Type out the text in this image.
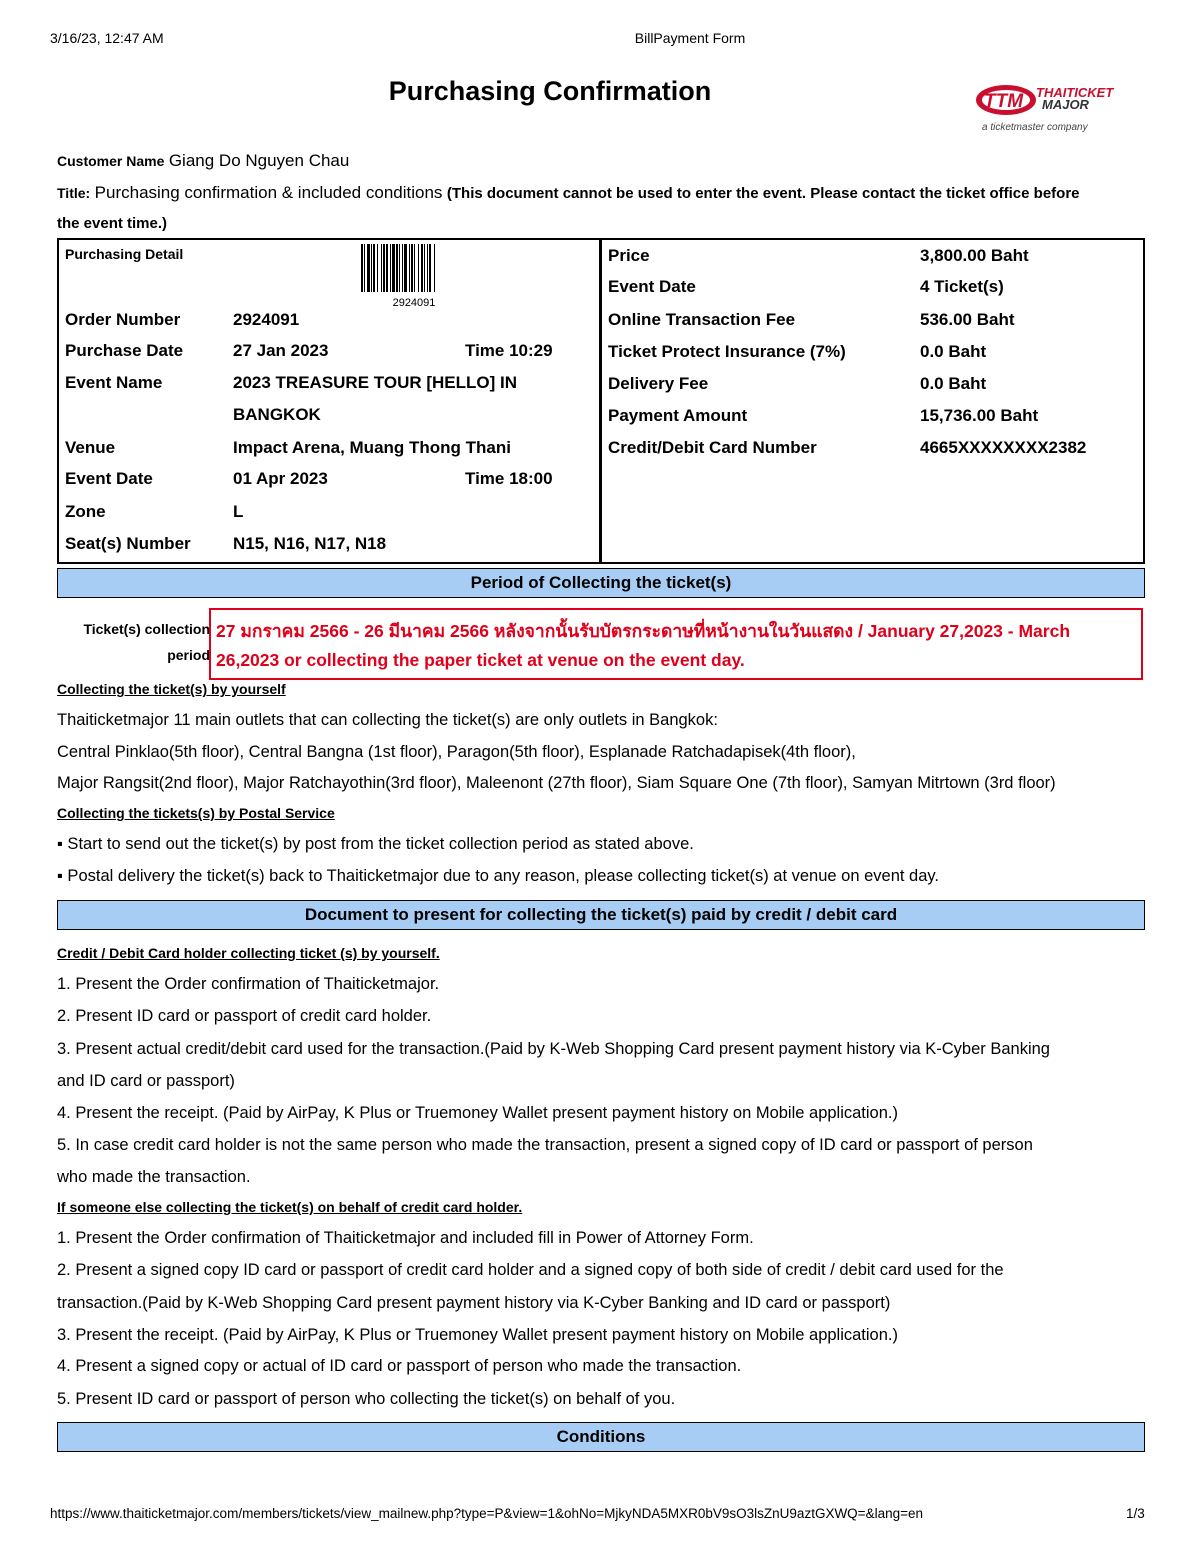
3/16/23, 12:47 AM	BillPayment Form
Purchasing Confirmation	TTM THAITICKET
MAJOR
a ticketmaster company
Customer Name Giang Do Nguyen Chau
Title: Purchasing confirmation & included conditions (This document cannot be used to enter the event. Please contact the ticket office before
the event time.)
Purchasing Detail
2924091
Order Number	2924091
Purchase Date	27 Jan 2023	Time 10:29
Event Name	2023 TREASURE TOUR [HELLO] IN
BANGKOK
Venue	Impact Arena, Muang Thong Thani
Event Date	01 Apr 2023	Time 18:00
Zone	L
Seat(s) Number N15, N16, N17, N18
Price	3,800.00 Baht
Event Date	4 Ticket(s)
Online Transaction Fee	536.00 Baht
Ticket Protect Insurance (7%)	0.0 Baht
Delivery Fee	0.0 Baht
Payment Amount	15,736.00 Baht
Credit/Debit Card Number	4665XXXXXXXX2382
Period of Collecting the ticket(s)
Ticket(s) collection
period
27 มกราคม 2566 - 26 มีนาคม 2566 หลังจากนั้นรับบัตรกระดาษที่หน้างานในวันแสดง / January 27,2023 - March
26,2023 or collecting the paper ticket at venue on the event day.
Collecting the ticket(s) by yourself
Thaiticketmajor 11 main outlets that can collecting the ticket(s) are only outlets in Bangkok:
Central Pinklao(5th floor), Central Bangna (1st floor), Paragon(5th floor), Esplanade Ratchadapisek(4th floor),
Major Rangsit(2nd floor), Major Ratchayothin(3rd floor), Maleenont (27th floor), Siam Square One (7th floor), Samyan Mitrtown (3rd floor)
Collecting the tickets(s) by Postal Service
▪ Start to send out the ticket(s) by post from the ticket collection period as stated above.
▪ Postal delivery the ticket(s) back to Thaiticketmajor due to any reason, please collecting ticket(s) at venue on event day.
Document to present for collecting the ticket(s) paid by credit / debit card
Credit / Debit Card holder collecting ticket (s) by yourself.
1. Present the Order confirmation of Thaiticketmajor.
2. Present ID card or passport of credit card holder.
3. Present actual credit/debit card used for the transaction.(Paid by K-Web Shopping Card present payment history via K-Cyber Banking
and ID card or passport)
4. Present the receipt. (Paid by AirPay, K Plus or Truemoney Wallet present payment history on Mobile application.)
5. In case credit card holder is not the same person who made the transaction, present a signed copy of ID card or passport of person
who made the transaction.
If someone else collecting the ticket(s) on behalf of credit card holder.
1. Present the Order confirmation of Thaiticketmajor and included fill in Power of Attorney Form.
2. Present a signed copy ID card or passport of credit card holder and a signed copy of both side of credit / debit card used for the
transaction.(Paid by K-Web Shopping Card present payment history via K-Cyber Banking and ID card or passport)
3. Present the receipt. (Paid by AirPay, K Plus or Truemoney Wallet present payment history on Mobile application.)
4. Present a signed copy or actual of ID card or passport of person who made the transaction.
5. Present ID card or passport of person who collecting the ticket(s) on behalf of you.
Conditions
https://www.thaiticketmajor.com/members/tickets/view_mailnew.php?type=P&view=1&ohNo=MjkyNDA5MXR0bV9sO3lsZnU9aztGXWQ=&lang=en	1/3
